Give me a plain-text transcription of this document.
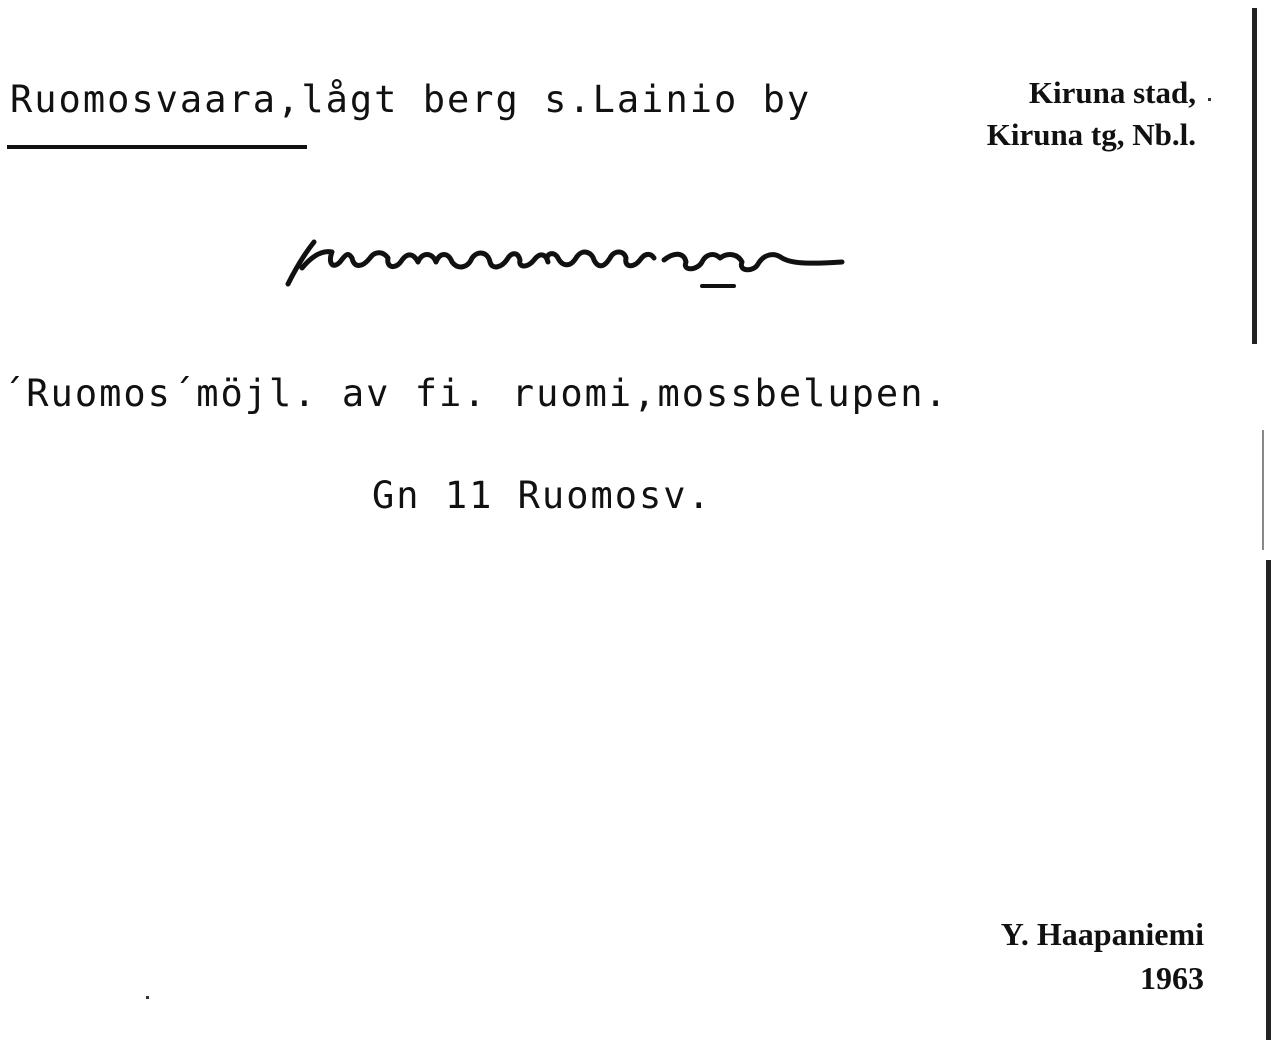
Ruomosvaara,lågt berg s.Lainio by	Kiruna stad,
Kiruna tg, Nb.l.
´Ruomos´möjl. av fi. ruomi,mossbelupen.
Gn 11 Ruomosv.
Y. Haapaniemi
1963
